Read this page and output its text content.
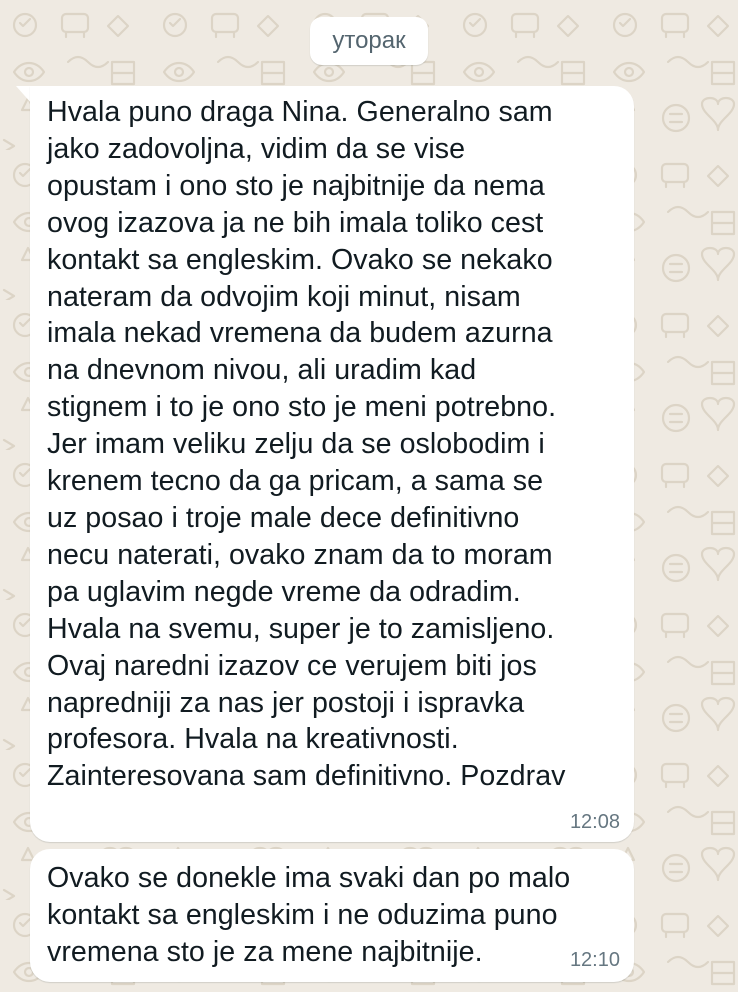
уторак

Hvala puno draga Nina. Generalno sam
jako zadovoljna, vidim da se vise
opustam i ono sto je najbitnije da nema
ovog izazova ja ne bih imala toliko cest
kontakt sa engleskim. Ovako se nekako
nateram da odvojim koji minut, nisam
imala nekad vremena da budem azurna
na dnevnom nivou, ali uradim kad
stignem i to je ono sto je meni potrebno.
Jer imam veliku zelju da se oslobodim i
krenem tecno da ga pricam, a sama se
uz posao i troje male dece definitivno
necu naterati, ovako znam da to moram
pa uglavim negde vreme da odradim.
Hvala na svemu, super je to zamisljeno.
Ovaj naredni izazov ce verujem biti jos
napredniji za nas jer postoji i ispravka
profesora. Hvala na kreativnosti.
Zainteresovana sam definitivno. Pozdrav

12:08

Ovako se donekle ima svaki dan po malo
kontakt sa engleskim i ne oduzima puno
vremena sto je za mene najbitnije.	12:10
